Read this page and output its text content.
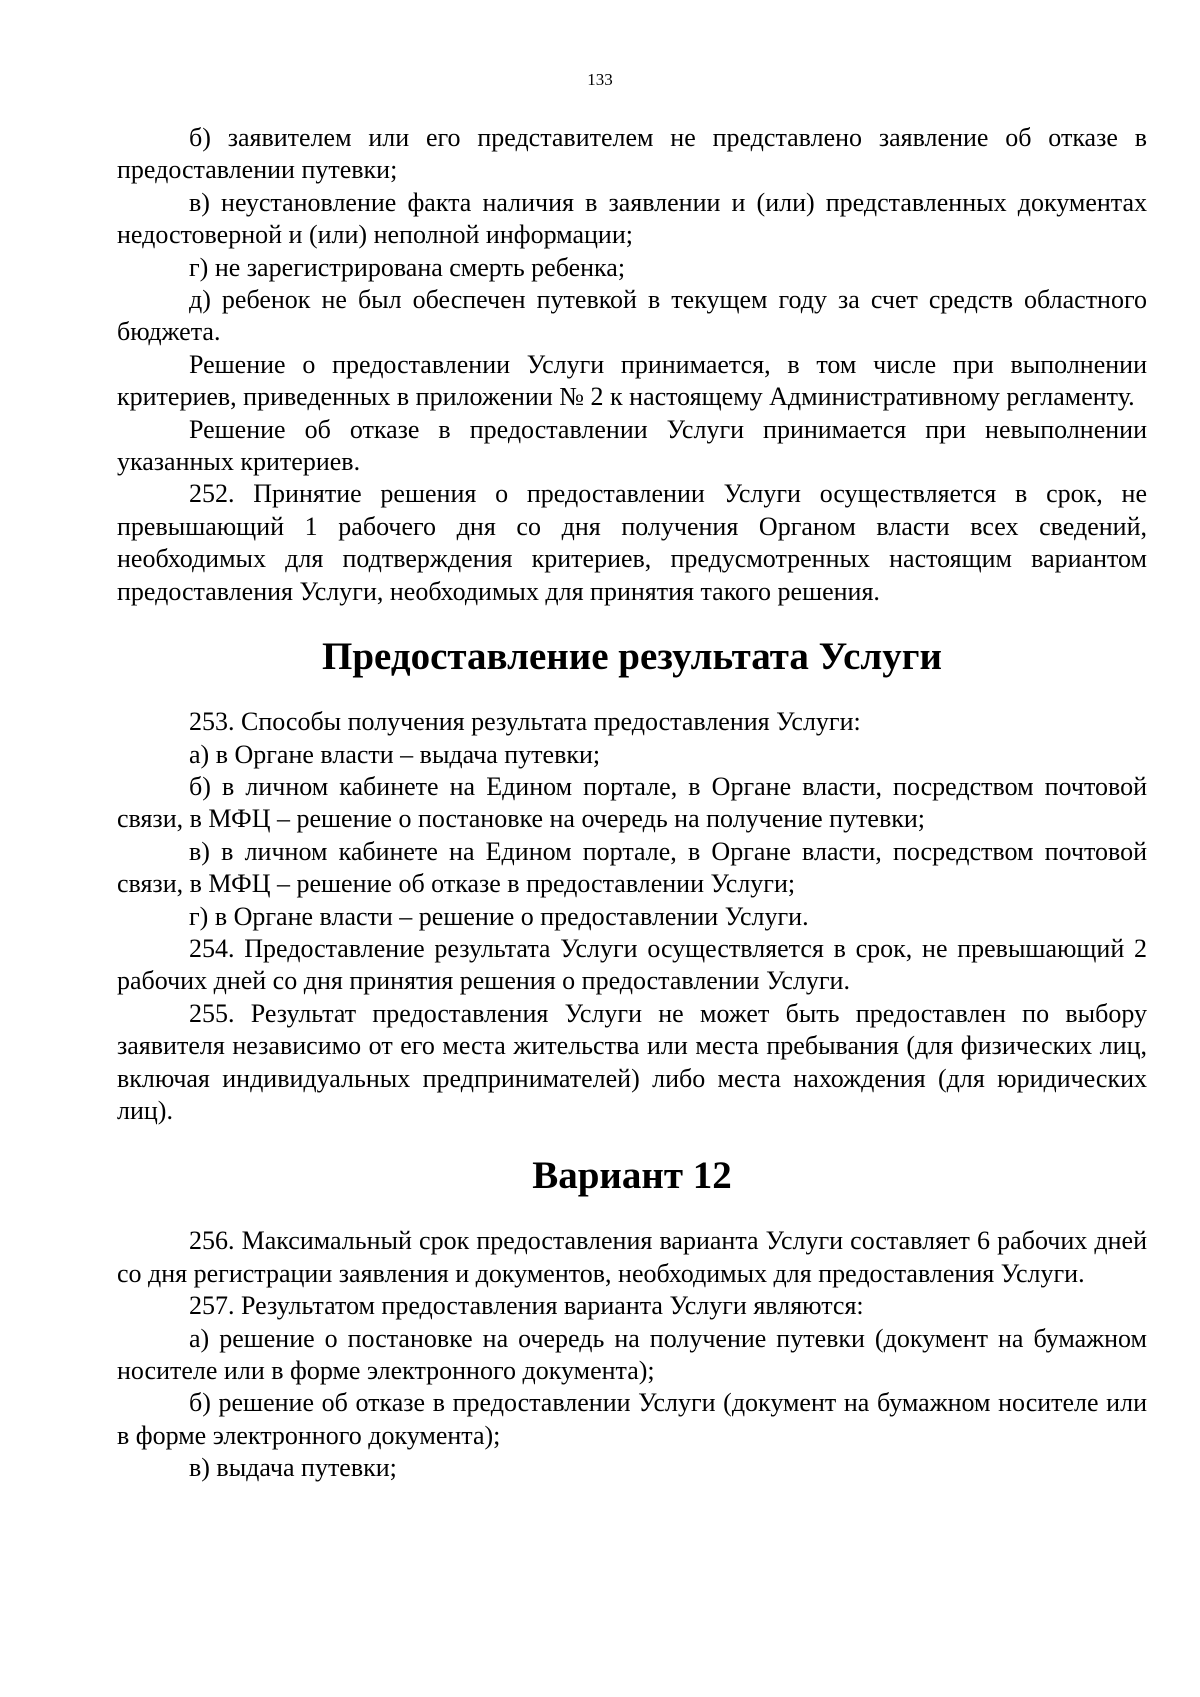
133

б) заявителем или его представителем не представлено заявление об отказе в предоставлении путевки;

в) неустановление факта наличия в заявлении и (или) представленных документах недостоверной и (или) неполной информации;

г) не зарегистрирована смерть ребенка;

д) ребенок не был обеспечен путевкой в текущем году за счет средств областного бюджета.

Решение о предоставлении Услуги принимается, в том числе при выполнении критериев, приведенных в приложении № 2 к настоящему Административному регламенту.

Решение об отказе в предоставлении Услуги принимается при невыполнении указанных критериев.

252. Принятие решения о предоставлении Услуги осуществляется в срок, не превышающий 1 рабочего дня со дня получения Органом власти всех сведений, необходимых для подтверждения критериев, предусмотренных настоящим вариантом предоставления Услуги, необходимых для принятия такого решения.

Предоставление результата Услуги

253. Способы получения результата предоставления Услуги:

а) в Органе власти – выдача путевки;

б) в личном кабинете на Едином портале, в Органе власти, посредством почтовой связи, в МФЦ – решение о постановке на очередь на получение путевки;

в) в личном кабинете на Едином портале, в Органе власти, посредством почтовой связи, в МФЦ – решение об отказе в предоставлении Услуги;

г) в Органе власти – решение о предоставлении Услуги.

254. Предоставление результата Услуги осуществляется в срок, не превышающий 2 рабочих дней со дня принятия решения о предоставлении Услуги.

255. Результат предоставления Услуги не может быть предоставлен по выбору заявителя независимо от его места жительства или места пребывания (для физических лиц, включая индивидуальных предпринимателей) либо места нахождения (для юридических лиц).

Вариант 12

256. Максимальный срок предоставления варианта Услуги составляет 6 рабочих дней со дня регистрации заявления и документов, необходимых для предоставления Услуги.

257. Результатом предоставления варианта Услуги являются:

а) решение о постановке на очередь на получение путевки (документ на бумажном носителе или в форме электронного документа);

б) решение об отказе в предоставлении Услуги (документ на бумажном носителе или в форме электронного документа);

в) выдача путевки;
